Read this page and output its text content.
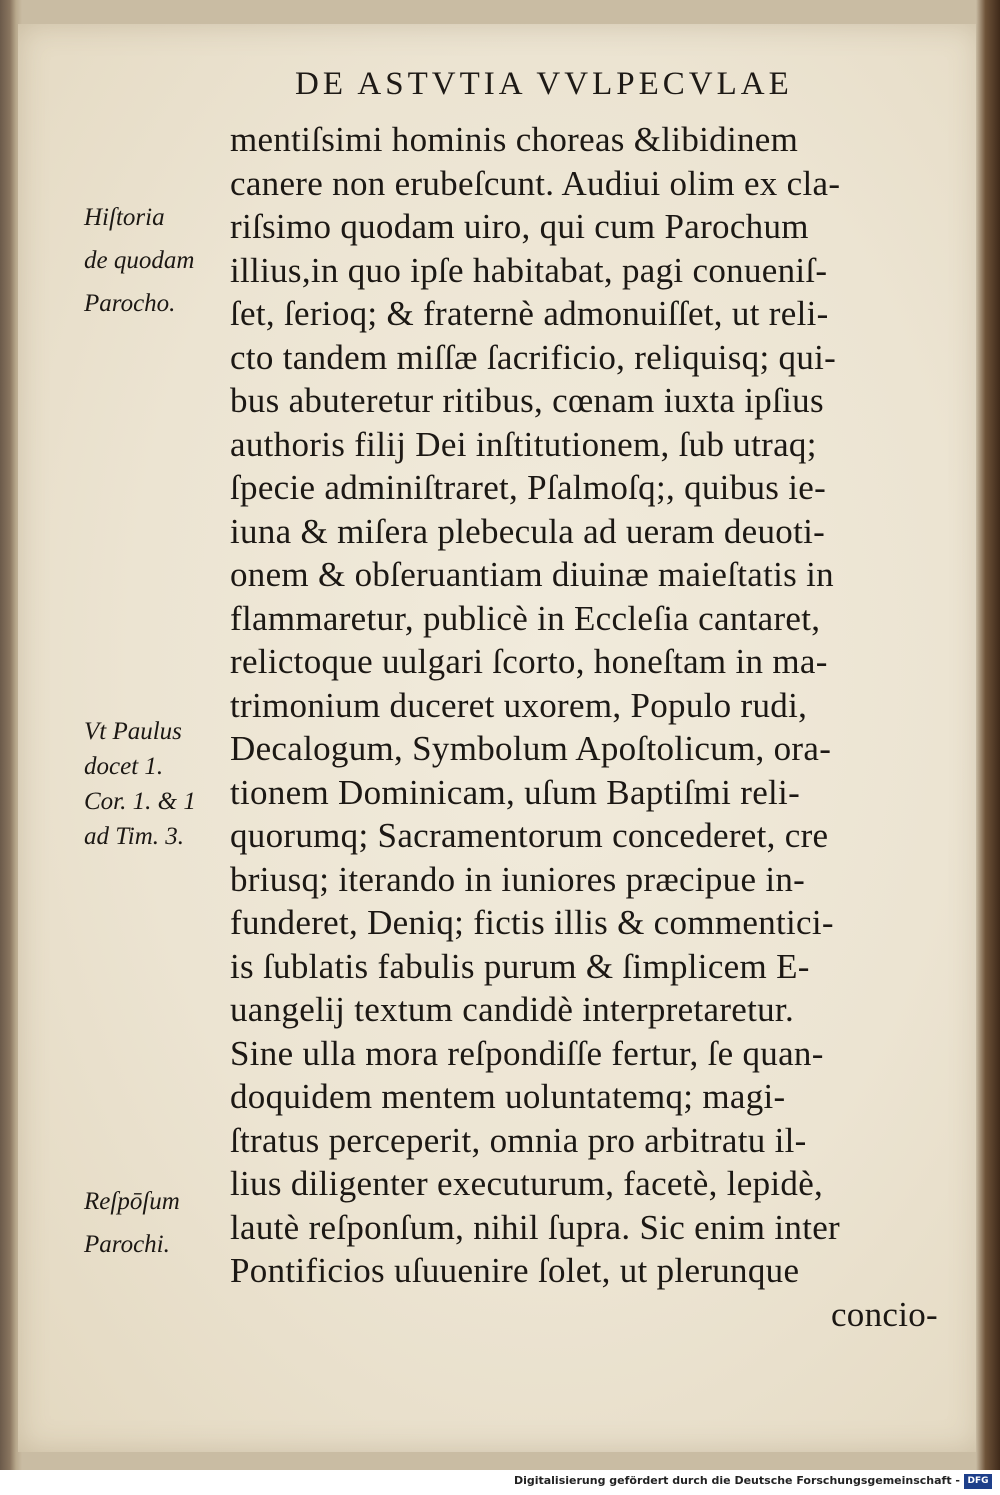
DE ASTVTIA VVLPECVLAE
mentiſsimi hominis choreas &libidinem
canere non erubeſcunt. Audiui olim ex cla-
riſsimo quodam uiro, qui cum Parochum
illius,in quo ipſe habitabat, pagi conueniſ-
ſet, ſerioq; & fraternè admonuiſſet, ut reli-
cto tandem miſſæ ſacrificio, reliquisq; qui-
bus abuteretur ritibus, cœnam iuxta ipſius
authoris filij Dei inſtitutionem, ſub utraq;
ſpecie adminiſtraret, Pſalmoſq;, quibus ie-
iuna & miſera plebecula ad ueram deuoti-
onem & obſeruantiam diuinæ maieſtatis in
flammaretur, publicè in Eccleſia cantaret,
relictoque uulgari ſcorto, honeſtam in ma-
trimonium duceret uxorem, Populo rudi,
Decalogum, Symbolum Apoſtolicum, ora-
tionem Dominicam, uſum Baptiſmi reli-
quorumq; Sacramentorum concederet, cre
briusq; iterando in iuniores præcipue in-
funderet, Deniq; fictis illis & commentici-
is ſublatis fabulis purum & ſimplicem E-
uangelij textum candidè interpretaretur.
Sine ulla mora reſpondiſſe fertur, ſe quan-
doquidem mentem uoluntatemq; magi-
ſtratus perceperit, omnia pro arbitratu il-
lius diligenter executurum, facetè, lepidè,
lautè reſponſum, nihil ſupra. Sic enim inter
Pontificios uſuuenire ſolet, ut plerunque
concio-
Hiſtoria
de quodam
Parocho.
Vt Paulus
docet 1.
Cor. 1. & 1
ad Tim. 3.
Reſpōſum
Parochi.
Digitalisierung gefördert durch die Deutsche Forschungsgemeinschaft - DFG
